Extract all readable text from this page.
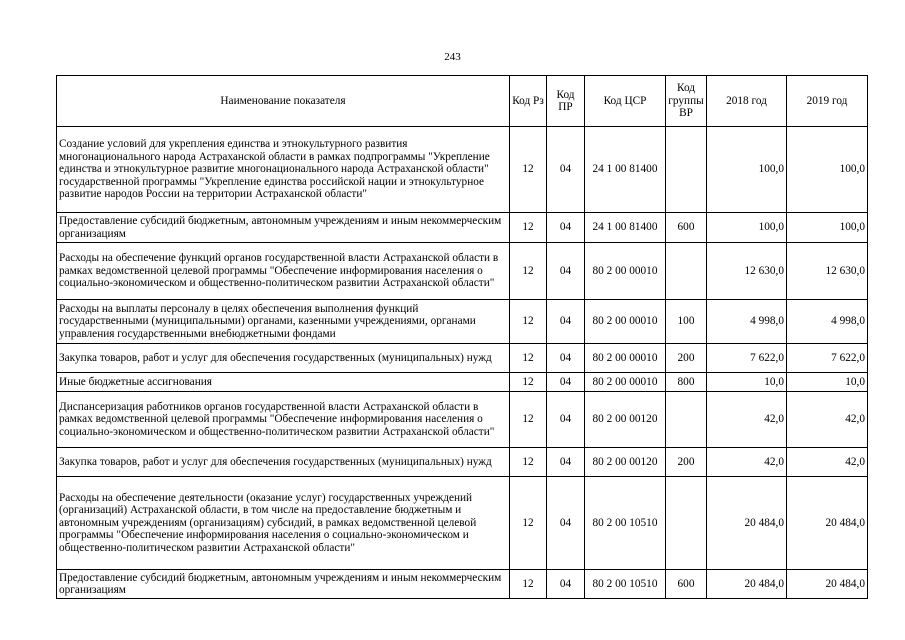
243
Наименование показателя	Код Рз	Код ПР	Код ЦСР	Код группы ВР	2018 год	2019 год
Создание условий для укрепления единства и этнокультурного развития многонационального народа Астраханской области в рамках подпрограммы "Укрепление единства и этнокультурное развитие многонационального народа Астраханской области" государственной программы "Укрепление единства российской нации и этнокультурное развитие народов России на территории Астраханской области"	12	04	24 1 00 81400		100,0	100,0
Предоставление субсидий бюджетным, автономным учреждениям и иным некоммерческим организациям	12	04	24 1 00 81400	600	100,0	100,0
Расходы на обеспечение функций органов государственной власти Астраханской области в рамках ведомственной целевой программы "Обеспечение информирования населения о социально-экономическом и общественно-политическом развитии Астраханской области"	12	04	80 2 00 00010		12 630,0	12 630,0
Расходы на выплаты персоналу в целях обеспечения выполнения функций государственными (муниципальными) органами, казенными учреждениями, органами управления государственными внебюджетными фондами	12	04	80 2 00 00010	100	4 998,0	4 998,0
Закупка товаров, работ и услуг для обеспечения государственных (муниципальных) нужд	12	04	80 2 00 00010	200	7 622,0	7 622,0
Иные бюджетные ассигнования	12	04	80 2 00 00010	800	10,0	10,0
Диспансеризация работников органов государственной власти Астраханской области в рамках ведомственной целевой программы "Обеспечение информирования населения о социально-экономическом и общественно-политическом развитии Астраханской области"	12	04	80 2 00 00120		42,0	42,0
Закупка товаров, работ и услуг для обеспечения государственных (муниципальных) нужд	12	04	80 2 00 00120	200	42,0	42,0
Расходы на обеспечение деятельности (оказание услуг) государственных учреждений (организаций) Астраханской области, в том числе на предоставление бюджетным и автономным учреждениям (организациям) субсидий, в рамках ведомственной целевой программы "Обеспечение информирования населения о социально-экономическом и общественно-политическом развитии Астраханской области"	12	04	80 2 00 10510		20 484,0	20 484,0
Предоставление субсидий бюджетным, автономным учреждениям и иным некоммерческим организациям	12	04	80 2 00 10510	600	20 484,0	20 484,0
